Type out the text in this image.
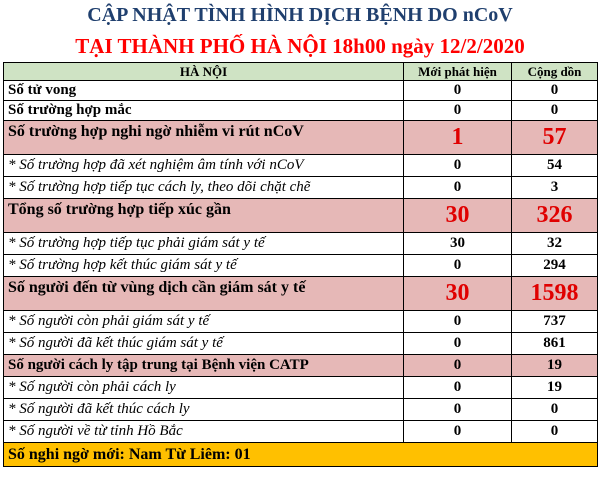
CẬP NHẬT TÌNH HÌNH DỊCH BỆNH DO nCoV
TẠI THÀNH PHỐ HÀ NỘI 18h00 ngày 12/2/2020
HÀ NỘI	Mới phát hiện	Cộng dồn
Số tử vong	0	0
Số trường hợp mắc	0	0
Số trường hợp nghi ngờ nhiễm vi rút nCoV	1	57
* Số trường hợp đã xét nghiệm âm tính với nCoV	0	54
* Số trường hợp tiếp tục cách ly, theo dõi chặt chẽ	0	3
Tổng số trường hợp tiếp xúc gần	30	326
* Số trường hợp tiếp tục phải giám sát y tế	30	32
* Số trường hợp kết thúc giám sát y tế	0	294
Số người đến từ vùng dịch cần giám sát y tế	30	1598
* Số người còn phải giám sát y tế	0	737
* Số người đã kết thúc giám sát y tế	0	861
Số người cách ly tập trung tại Bệnh viện CATP	0	19
* Số người còn phải cách ly	0	19
* Số người đã kết thúc cách ly	0	0
* Số người về từ tỉnh Hồ Bắc	0	0
Số nghi ngờ mới: Nam Từ Liêm: 01		
